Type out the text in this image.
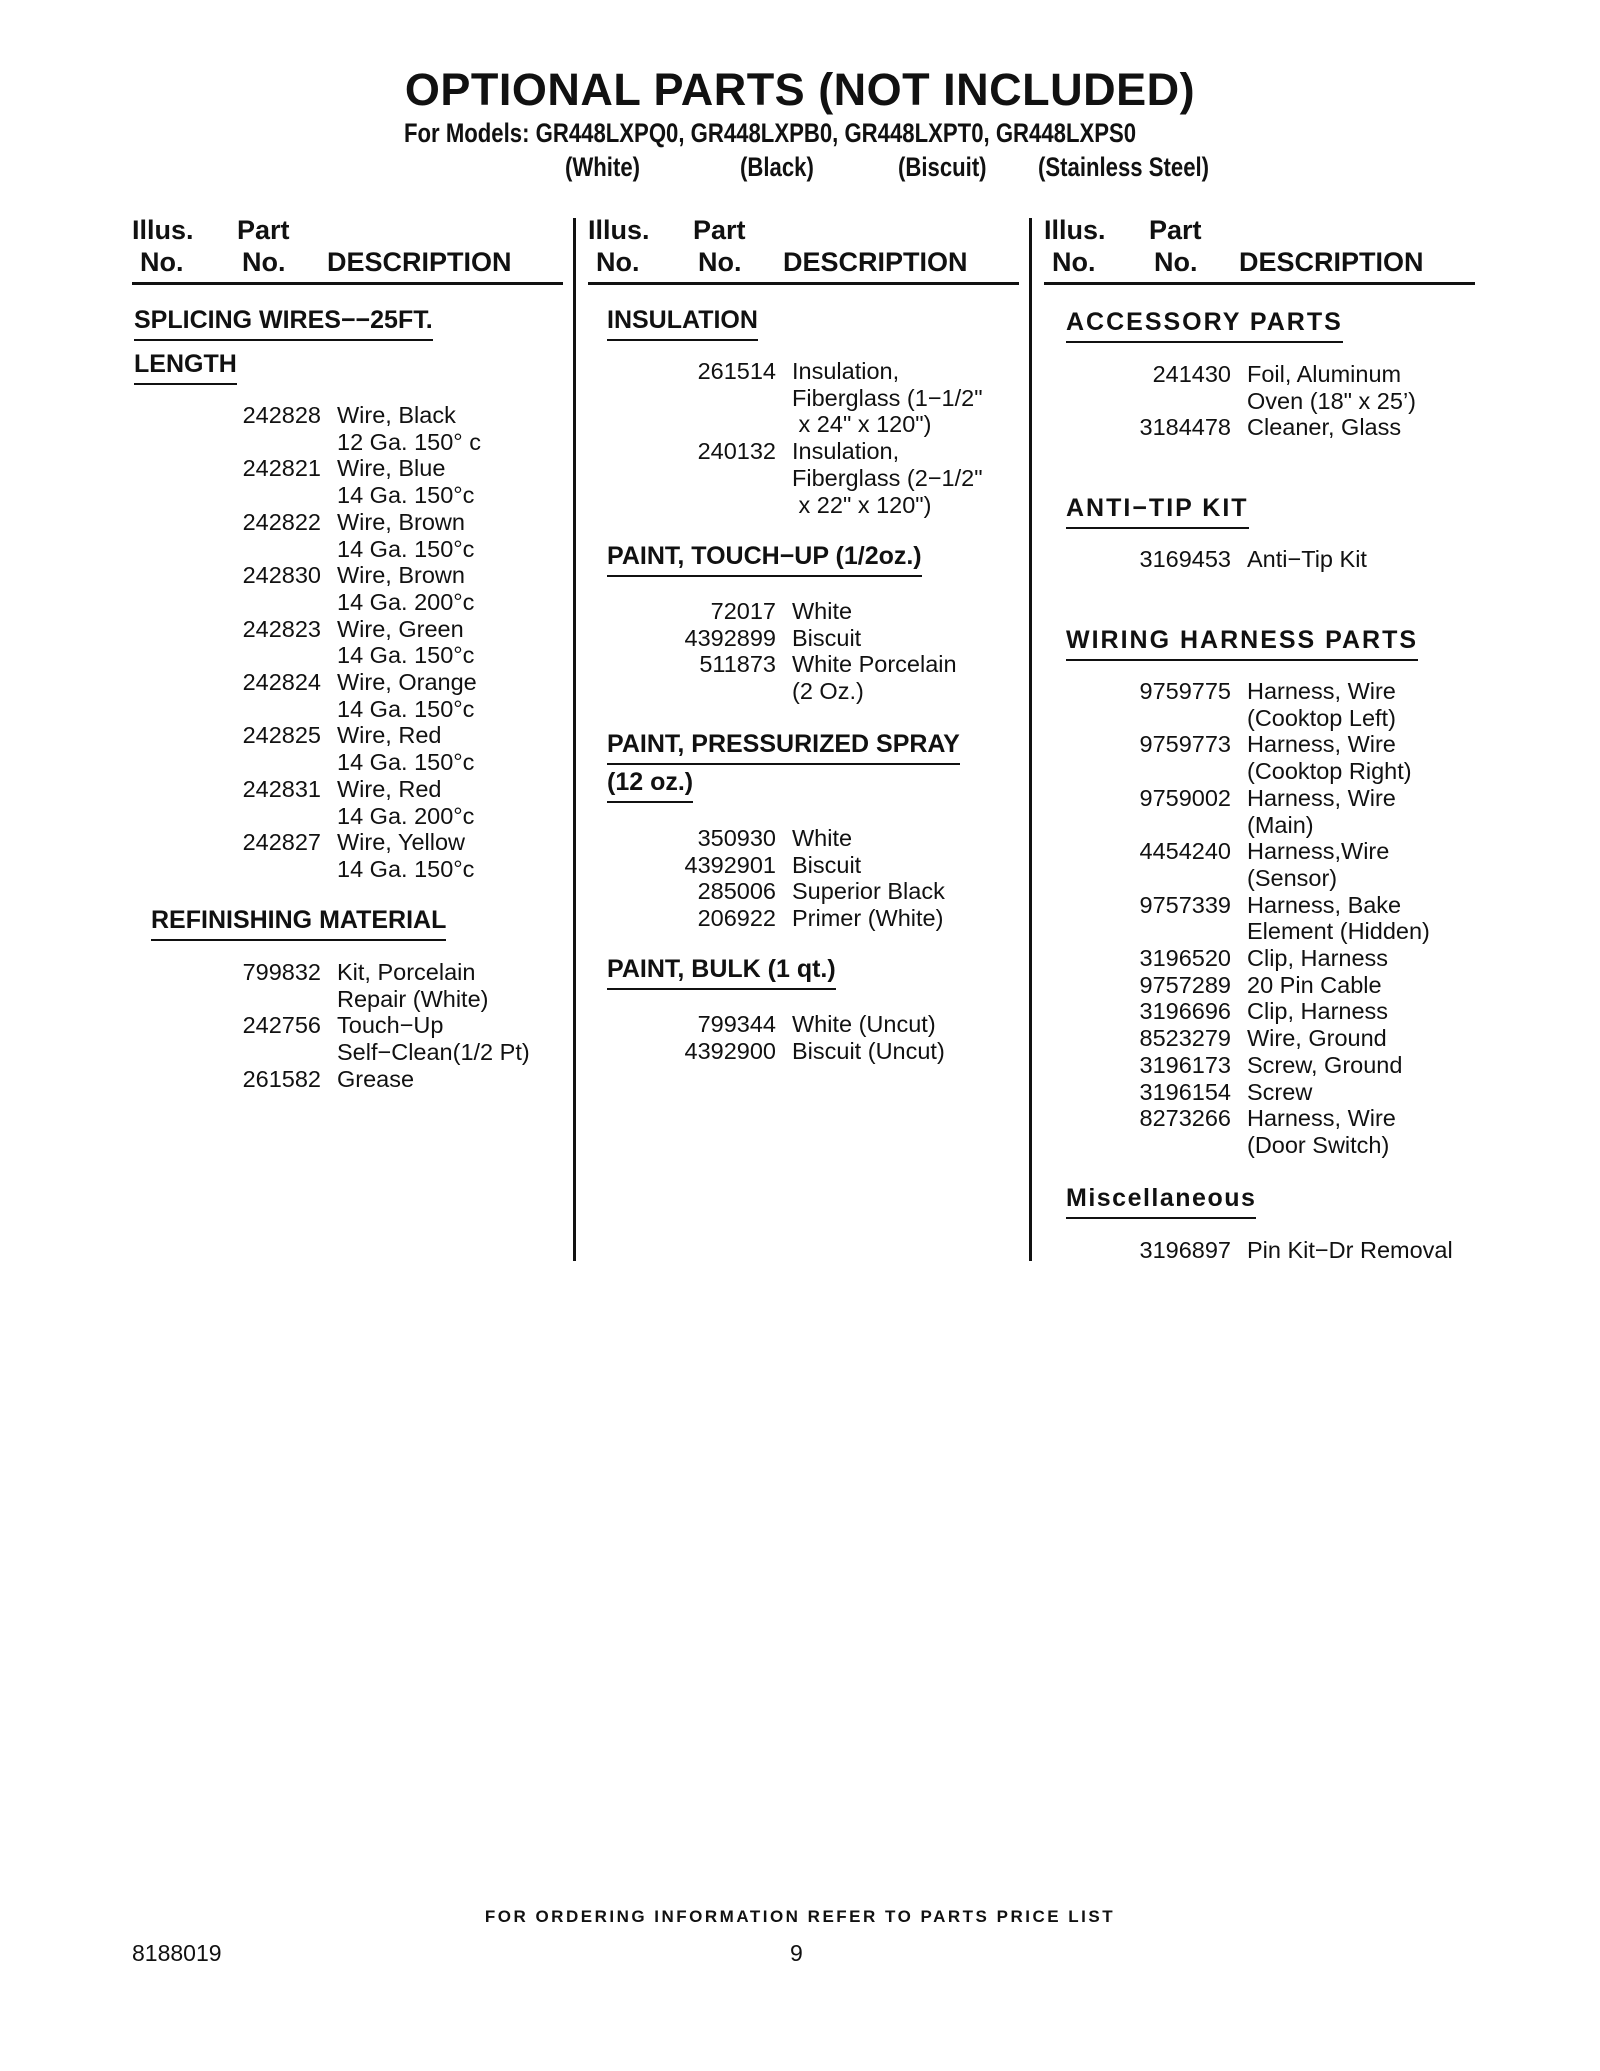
OPTIONAL PARTS (NOT INCLUDED)
For Models: GR448LXPQ0, GR448LXPB0, GR448LXPT0, GR448LXPS0
(White)	(Black)	(Biscuit) (Stainless Steel)
Illus. Part
No. No. DESCRIPTION
Illus. Part
No. No. DESCRIPTION
Illus. Part
No. No. DESCRIPTION
SPLICING WIRES−−25FT.
LENGTH
242828 Wire, Black
12 Ga. 150° c
242821 Wire, Blue
14 Ga. 150°c
242822 Wire, Brown
14 Ga. 150°c
242830 Wire, Brown
14 Ga. 200°c
242823 Wire, Green
14 Ga. 150°c
242824 Wire, Orange
14 Ga. 150°c
242825 Wire, Red
14 Ga. 150°c
242831 Wire, Red
14 Ga. 200°c
242827 Wire, Yellow
14 Ga. 150°c
REFINISHING MATERIAL
799832 Kit, Porcelain
Repair (White)
242756 Touch−Up
Self−Clean(1/2 Pt)
261582 Grease
INSULATION
261514 Insulation,
Fiberglass (1−1/2"
x 24" x 120")
240132 Insulation,
Fiberglass (2−1/2"
x 22" x 120")
PAINT, TOUCH−UP (1/2oz.)
72017 White
4392899 Biscuit
511873 White Porcelain
(2 Oz.)
PAINT, PRESSURIZED SPRAY
(12 oz.)
350930 White
4392901 Biscuit
285006 Superior Black
206922 Primer (White)
PAINT, BULK (1 qt.)
799344 White (Uncut)
4392900 Biscuit (Uncut)
ACCESSORY PARTS
241430 Foil, Aluminum
Oven (18" x 25’)
3184478 Cleaner, Glass
ANTI−TIP KIT
3169453 Anti−Tip Kit
WIRING HARNESS PARTS
9759775 Harness, Wire
(Cooktop Left)
9759773 Harness, Wire
(Cooktop Right)
9759002 Harness, Wire
(Main)
4454240 Harness,Wire
(Sensor)
9757339 Harness, Bake
Element (Hidden)
3196520 Clip, Harness
9757289 20 Pin Cable
3196696 Clip, Harness
8523279 Wire, Ground
3196173 Screw, Ground
3196154 Screw
8273266 Harness, Wire
(Door Switch)
Miscellaneous
3196897 Pin Kit−Dr Removal
FOR ORDERING INFORMATION REFER TO PARTS PRICE LIST
8188019	9
